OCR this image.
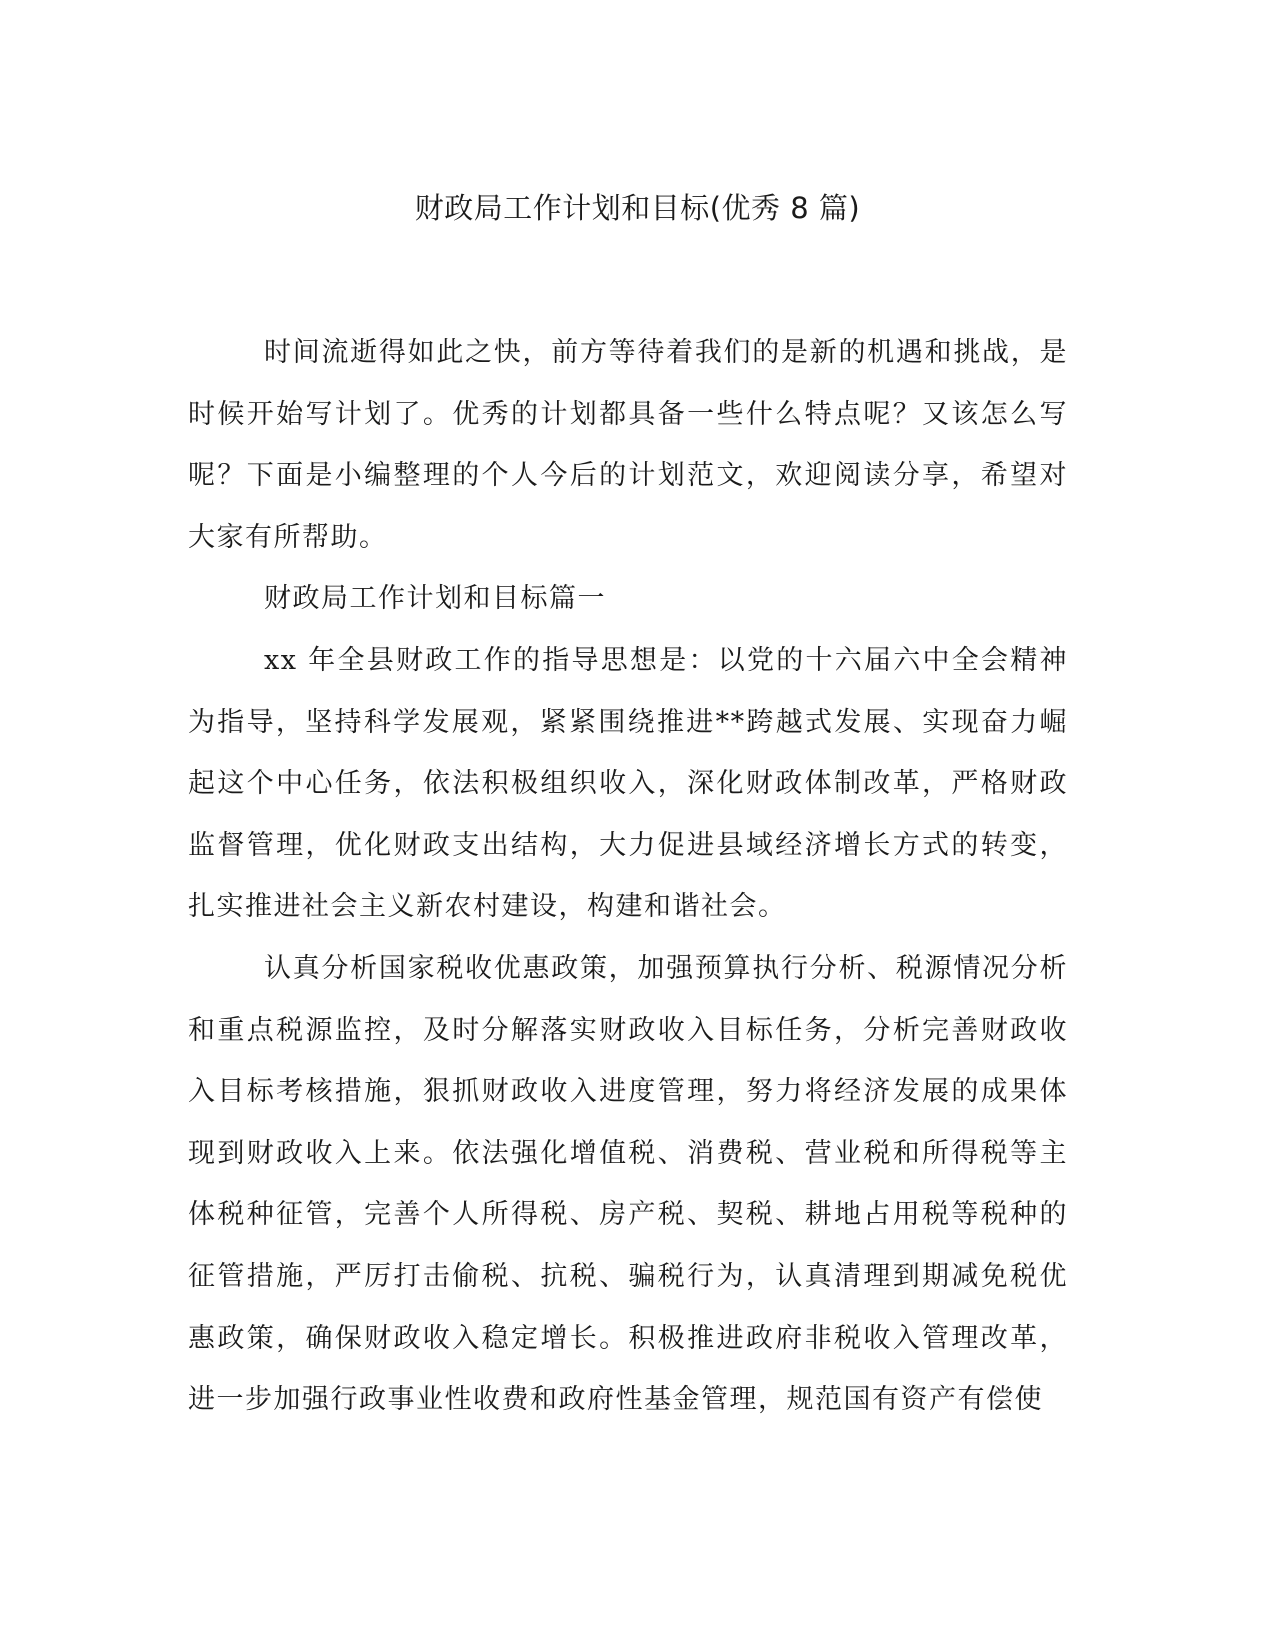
财政局工作计划和目标(优秀 8 篇)

时间流逝得如此之快，前方等待着我们的是新的机遇和挑战，是时候开始写计划了。优秀的计划都具备一些什么特点呢？又该怎么写呢？下面是小编整理的个人今后的计划范文，欢迎阅读分享，希望对大家有所帮助。

财政局工作计划和目标篇一

xx 年全县财政工作的指导思想是：以党的十六届六中全会精神为指导，坚持科学发展观，紧紧围绕推进**跨越式发展、实现奋力崛起这个中心任务，依法积极组织收入，深化财政体制改革，严格财政监督管理，优化财政支出结构，大力促进县域经济增长方式的转变，扎实推进社会主义新农村建设，构建和谐社会。

认真分析国家税收优惠政策，加强预算执行分析、税源情况分析和重点税源监控，及时分解落实财政收入目标任务，分析完善财政收入目标考核措施，狠抓财政收入进度管理，努力将经济发展的成果体现到财政收入上来。依法强化增值税、消费税、营业税和所得税等主体税种征管，完善个人所得税、房产税、契税、耕地占用税等税种的征管措施，严厉打击偷税、抗税、骗税行为，认真清理到期减免税优惠政策，确保财政收入稳定增长。积极推进政府非税收入管理改革，进一步加强行政事业性收费和政府性基金管理，规范国有资产有偿使
